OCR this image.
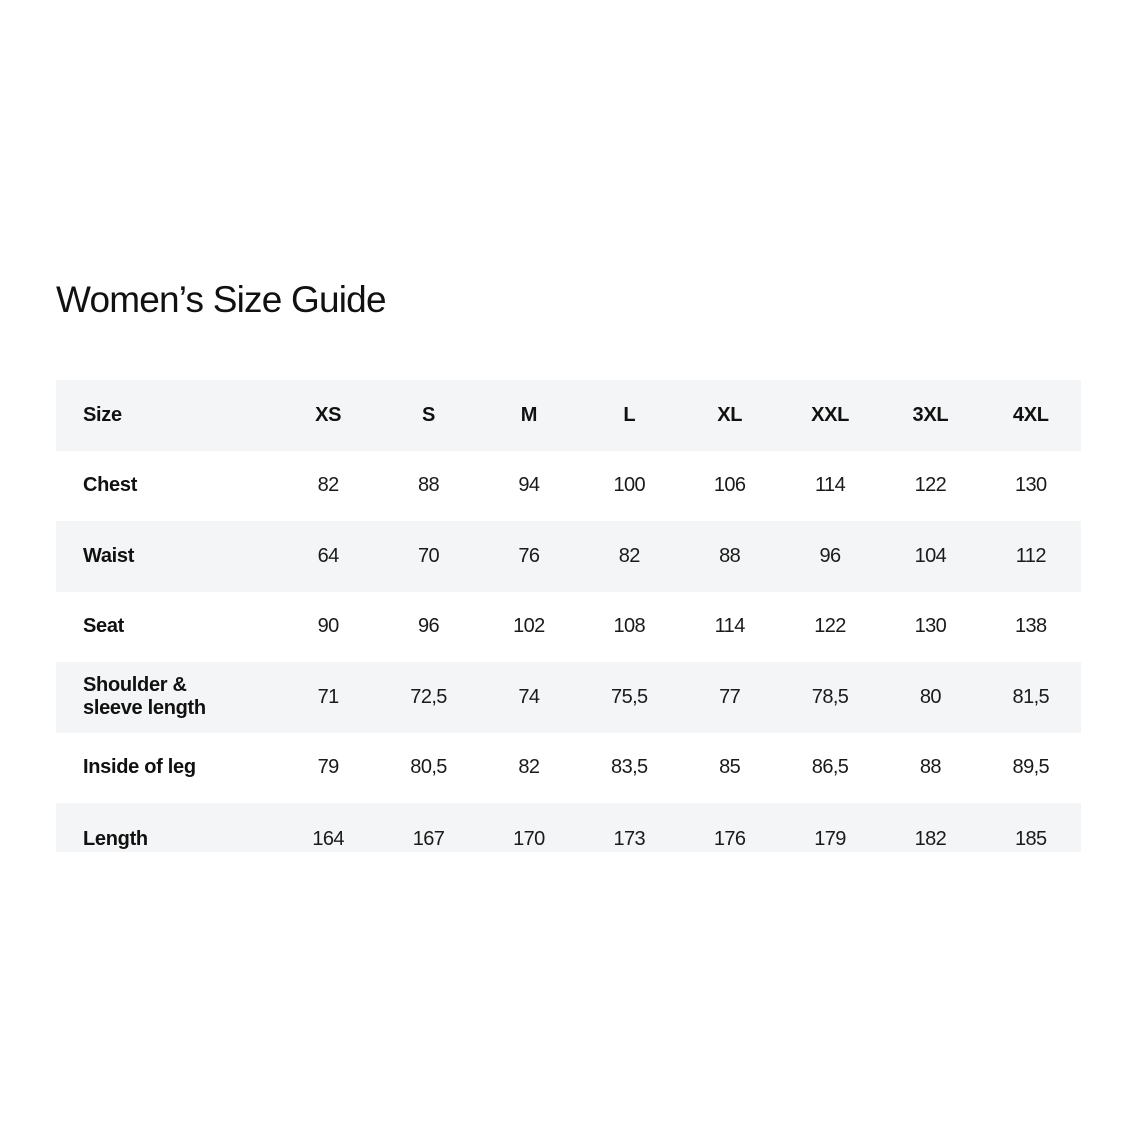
Women’s Size Guide
Size	XS	S	M	L	XL	XXL	3XL	4XL
Chest	82	88	94	100	106	114	122	130
Waist	64	70	76	82	88	96	104	112
Seat	90	96	102	108	114	122	130	138
Shoulder &
sleeve length	71	72,5	74	75,5	77	78,5	80	81,5
Inside of leg	79	80,5	82	83,5	85	86,5	88	89,5
Length	164	167	170	173	176	179	182	185
